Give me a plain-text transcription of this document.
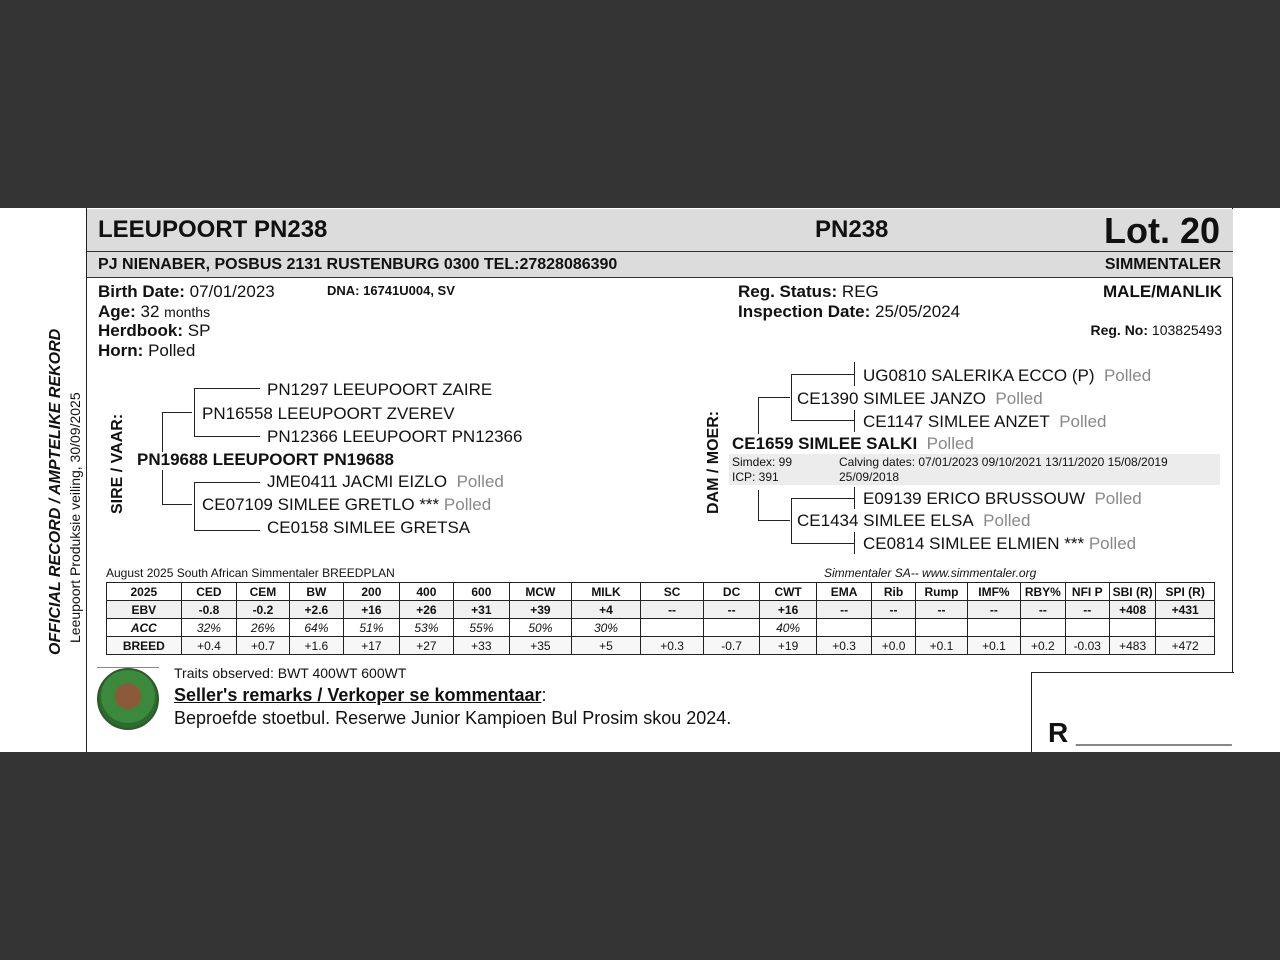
OFFICIAL RECORD / AMPTELIKE REKORD Leeupoort Produksie veiling, 30/09/2025
LEEUPOORT PN238	PN238	Lot. 20
PJ NIENABER, POSBUS 2131 RUSTENBURG 0300 TEL:27828086390	SIMMENTALER
Birth Date: 07/01/2023	DNA: 16741U004, SV
Age: 32 months
Herdbook: SP
Horn: Polled
Reg. Status: REG
Inspection Date: 25/05/2024
MALE/MANLIK
Reg. No: 103825493
SIRE / VAAR:
PN1297 LEEUPOORT ZAIRE
PN16558 LEEUPOORT ZVEREV
PN12366 LEEUPOORT PN12366
PN19688 LEEUPOORT PN19688
JME0411 JACMI EIZLO Polled
CE07109 SIMLEE GRETLO *** Polled
CE0158 SIMLEE GRETSA
DAM / MOER:
UG0810 SALERIKA ECCO (P) Polled
CE1390 SIMLEE JANZO Polled
CE1147 SIMLEE ANZET Polled
CE1659 SIMLEE SALKI Polled
Simdex: 99
ICP: 391
Calving dates: 07/01/2023 09/10/2021 13/11/2020 15/08/2019
25/09/2018
E09139 ERICO BRUSSOUW Polled
CE1434 SIMLEE ELSA Polled
CE0814 SIMLEE ELMIEN *** Polled
August 2025 South African Simmentaler BREEDPLAN	Simmentaler SA-- www.simmentaler.org
2025	CED	CEM	BW	200	400	600	MCW	MILK	SC	DC	CWT	EMA	Rib	Rump	IMF%	RBY%	NFI P	SBI (R)	SPI (R)
EBV	-0.8	-0.2	+2.6	+16	+26	+31	+39	+4	--	--	+16	--	--	--	--	--	--	+408	+431
ACC	32%	26%	64%	51%	53%	55%	50%	30%			40%								
BREED	+0.4	+0.7	+1.6	+17	+27	+33	+35	+5	+0.3	-0.7	+19	+0.3	+0.0	+0.1	+0.1	+0.2	-0.03	+483	+472
Traits observed: BWT 400WT 600WT
Seller's remarks / Verkoper se kommentaar:
Beproefde stoetbul. Reserwe Junior Kampioen Bul Prosim skou 2024.	R __________
